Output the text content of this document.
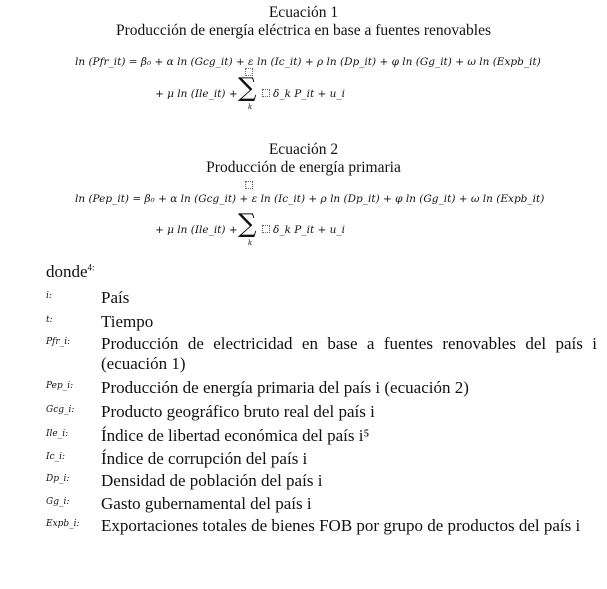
Ecuación 1
Producción de energía eléctrica en base a fuentes renovables
ln (Pfr_it) = β₀ + α ln (Gcg_it) + ε ln (Ic_it) + ρ ln (Dp_it) + φ ln (Gg_it) + ω ln (Expb_it)
+ μ ln (Ile_it) + ∑
k
δ_k P_it + u_i
Ecuación 2
Producción de energía primaria
ln (Pep_it) = β₀ + α ln (Gcg_it) + ε ln (Ic_it) + ρ ln (Dp_it) + φ ln (Gg_it) + ω ln (Expb_it)
+ μ ln (Ile_it) + ∑
k
δ_k P_it + u_i
donde$^{4:}$
i:	País
t:	Tiempo
Pfr_i: Producción de electricidad en base a fuentes renovables del país i (ecuación 1)
Pep_i: Producción de energía primaria del país i (ecuación 2)
Gcg_i: Producto geográfico bruto real del país i
Ile_i: Índice de libertad económica del país i⁵
Ic_i: Índice de corrupción del país i
Dp_i: Densidad de población del país i
Gg_i: Gasto gubernamental del país i
Expb_i: Exportaciones totales de bienes FOB por grupo de productos del país i
